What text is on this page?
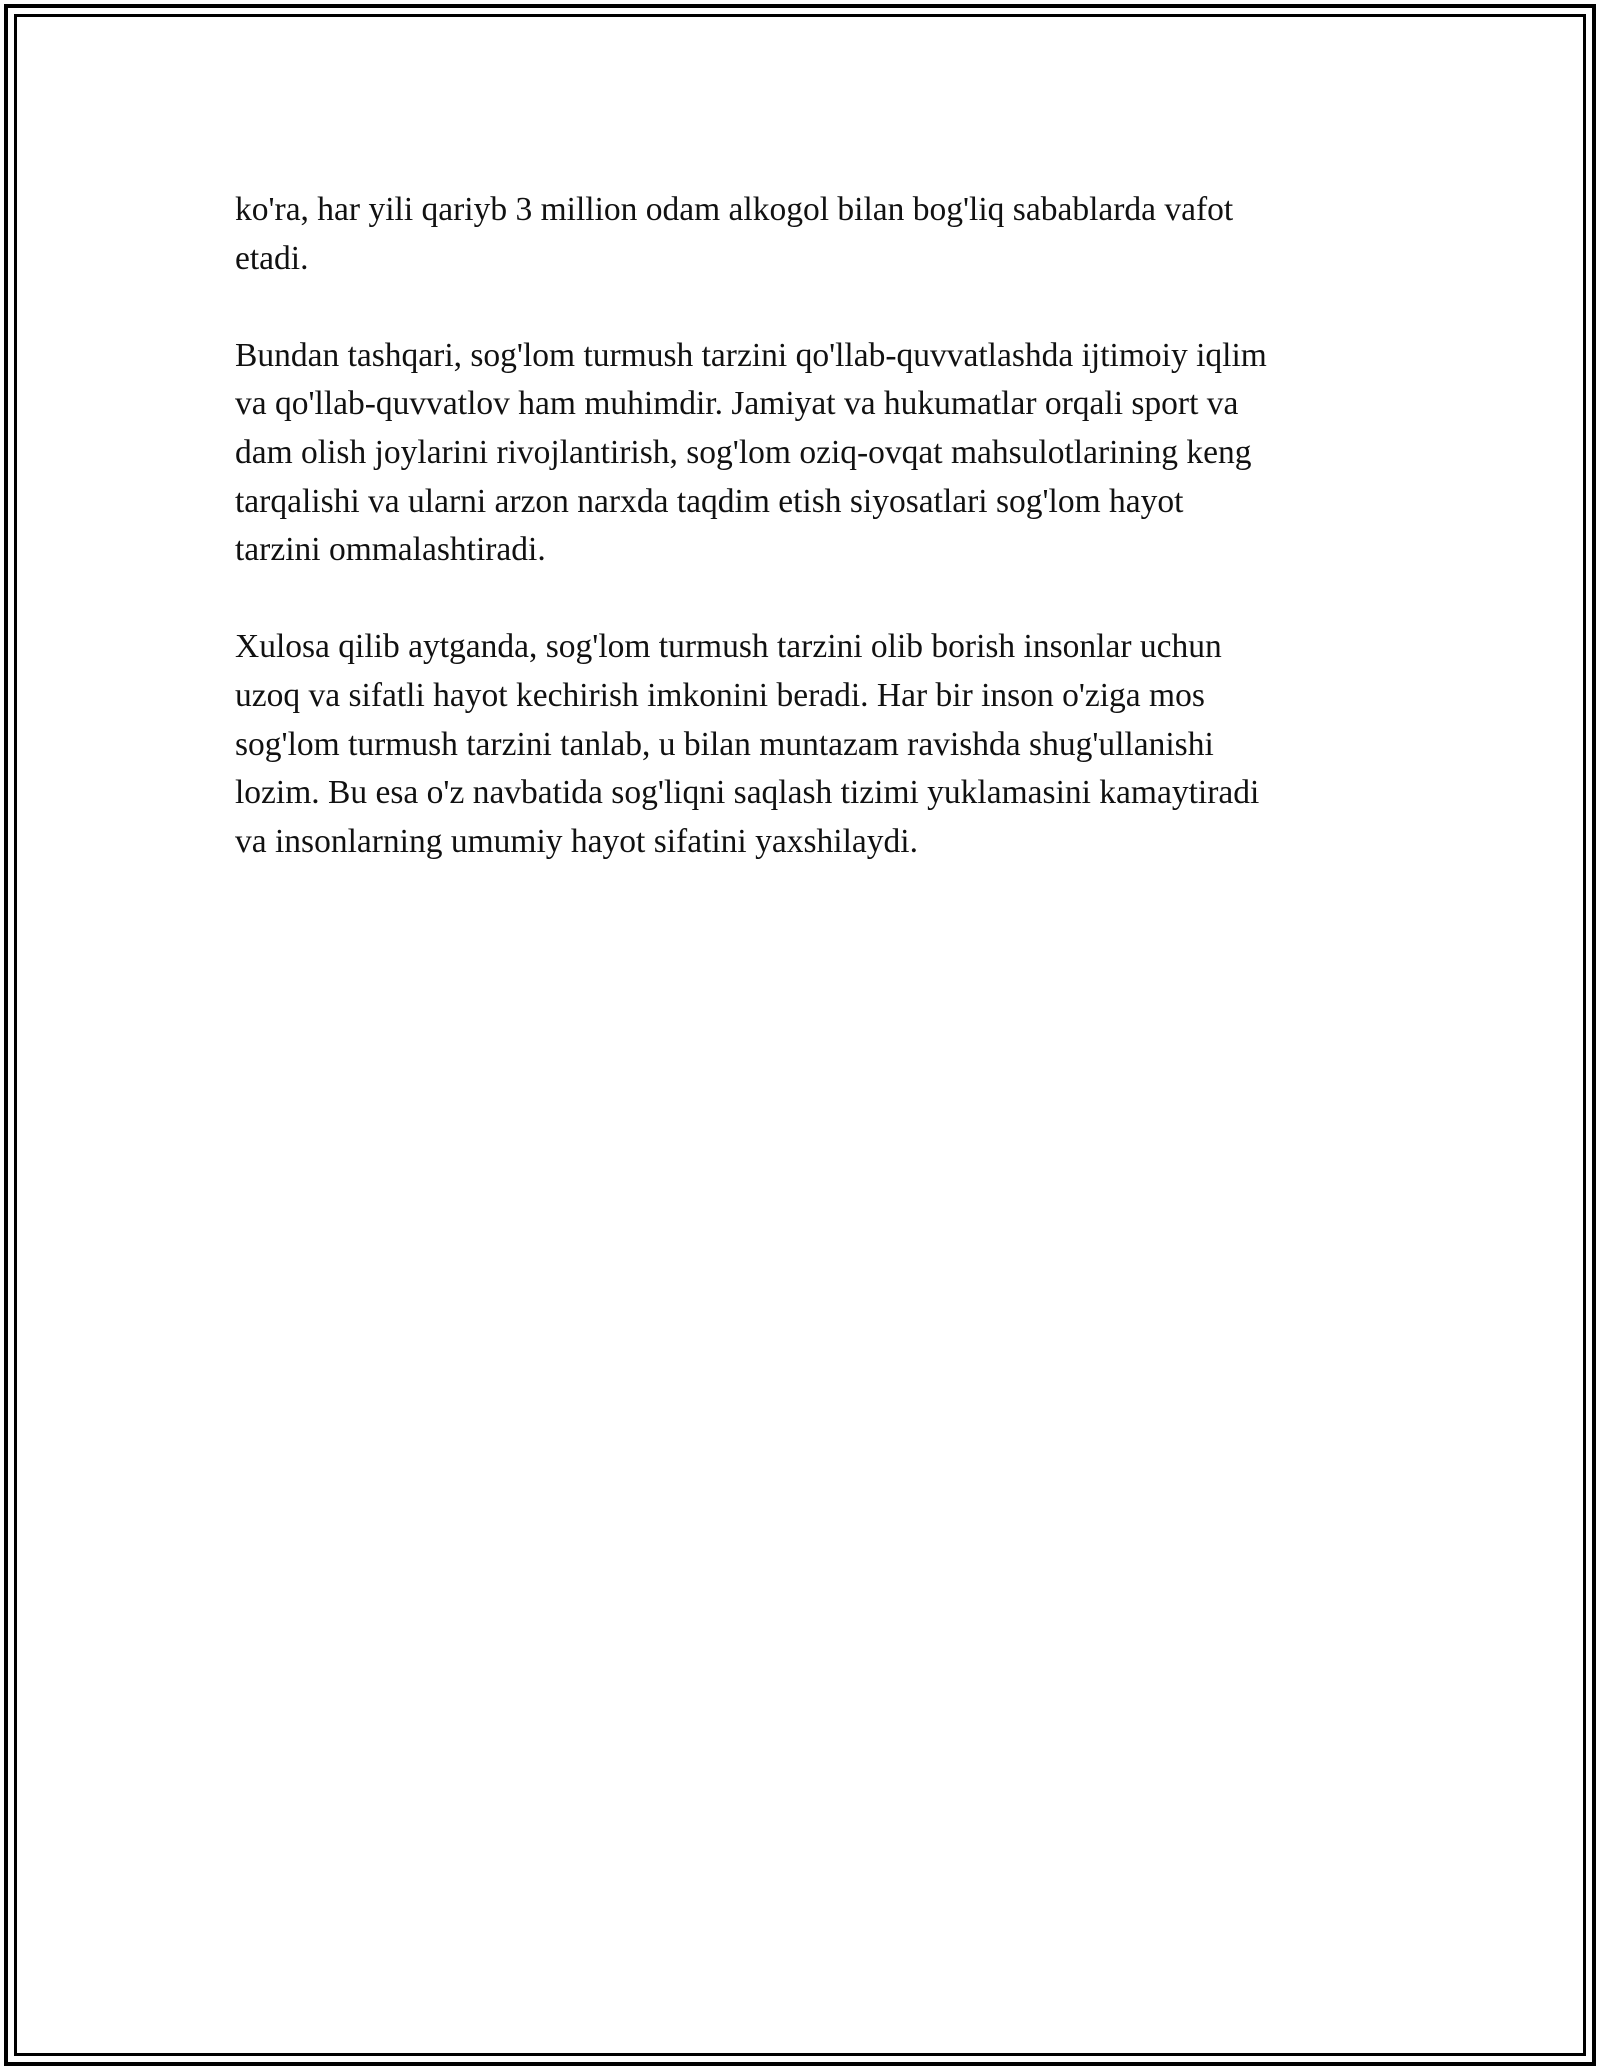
ko'ra, har yili qariyb 3 million odam alkogol bilan bog'liq sabablarda vafot
etadi.

Bundan tashqari, sog'lom turmush tarzini qo'llab-quvvatlashda ijtimoiy iqlim
va qo'llab-quvvatlov ham muhimdir. Jamiyat va hukumatlar orqali sport va
dam olish joylarini rivojlantirish, sog'lom oziq-ovqat mahsulotlarining keng
tarqalishi va ularni arzon narxda taqdim etish siyosatlari sog'lom hayot
tarzini ommalashtiradi.

Xulosa qilib aytganda, sog'lom turmush tarzini olib borish insonlar uchun
uzoq va sifatli hayot kechirish imkonini beradi. Har bir inson o'ziga mos
sog'lom turmush tarzini tanlab, u bilan muntazam ravishda shug'ullanishi
lozim. Bu esa o'z navbatida sog'liqni saqlash tizimi yuklamasini kamaytiradi
va insonlarning umumiy hayot sifatini yaxshilaydi.
